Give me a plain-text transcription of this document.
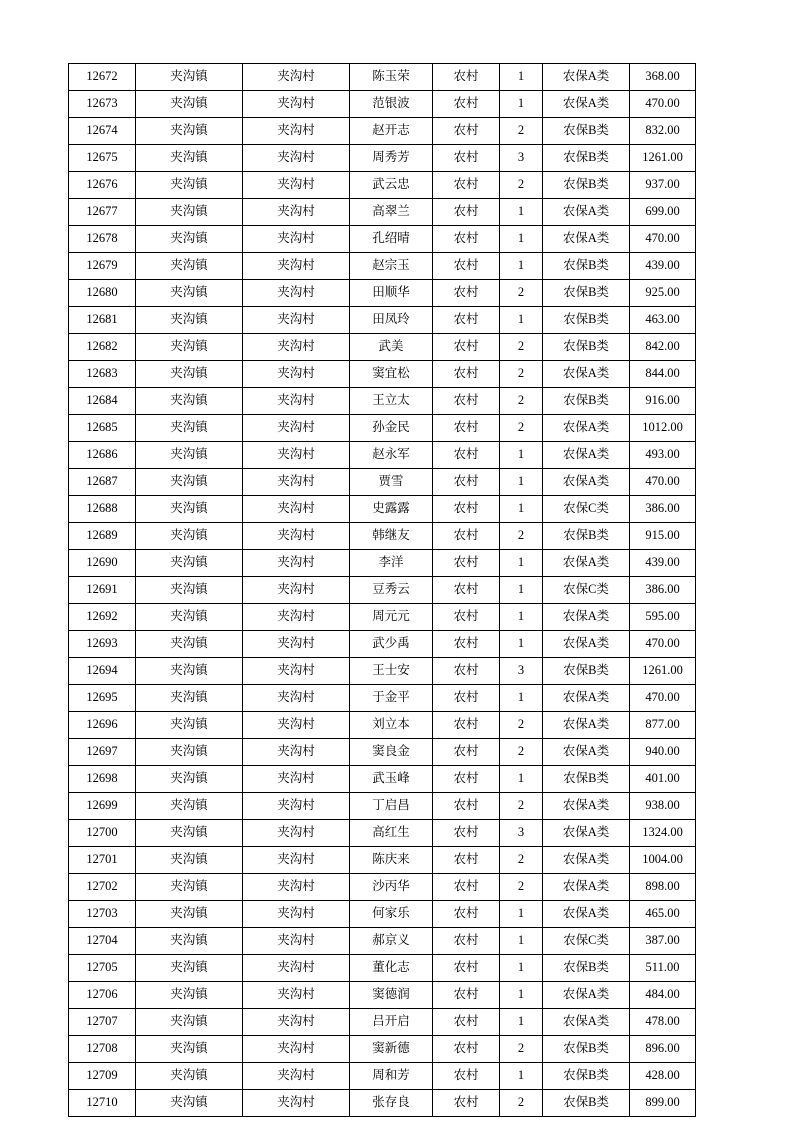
12672	夹沟镇	夹沟村	陈玉荣	农村	1	农保A类	368.00
12673	夹沟镇	夹沟村	范银波	农村	1	农保A类	470.00
12674	夹沟镇	夹沟村	赵开志	农村	2	农保B类	832.00
12675	夹沟镇	夹沟村	周秀芳	农村	3	农保B类	1261.00
12676	夹沟镇	夹沟村	武云忠	农村	2	农保B类	937.00
12677	夹沟镇	夹沟村	高翠兰	农村	1	农保A类	699.00
12678	夹沟镇	夹沟村	孔绍晴	农村	1	农保A类	470.00
12679	夹沟镇	夹沟村	赵宗玉	农村	1	农保B类	439.00
12680	夹沟镇	夹沟村	田顺华	农村	2	农保B类	925.00
12681	夹沟镇	夹沟村	田凤玲	农村	1	农保B类	463.00
12682	夹沟镇	夹沟村	武美	农村	2	农保B类	842.00
12683	夹沟镇	夹沟村	窦宜松	农村	2	农保A类	844.00
12684	夹沟镇	夹沟村	王立太	农村	2	农保B类	916.00
12685	夹沟镇	夹沟村	孙金民	农村	2	农保A类	1012.00
12686	夹沟镇	夹沟村	赵永军	农村	1	农保A类	493.00
12687	夹沟镇	夹沟村	贾雪	农村	1	农保A类	470.00
12688	夹沟镇	夹沟村	史露露	农村	1	农保C类	386.00
12689	夹沟镇	夹沟村	韩继友	农村	2	农保B类	915.00
12690	夹沟镇	夹沟村	李洋	农村	1	农保A类	439.00
12691	夹沟镇	夹沟村	豆秀云	农村	1	农保C类	386.00
12692	夹沟镇	夹沟村	周元元	农村	1	农保A类	595.00
12693	夹沟镇	夹沟村	武少禹	农村	1	农保A类	470.00
12694	夹沟镇	夹沟村	王士安	农村	3	农保B类	1261.00
12695	夹沟镇	夹沟村	于金平	农村	1	农保A类	470.00
12696	夹沟镇	夹沟村	刘立本	农村	2	农保A类	877.00
12697	夹沟镇	夹沟村	窦良金	农村	2	农保A类	940.00
12698	夹沟镇	夹沟村	武玉峰	农村	1	农保B类	401.00
12699	夹沟镇	夹沟村	丁启昌	农村	2	农保A类	938.00
12700	夹沟镇	夹沟村	高红生	农村	3	农保A类	1324.00
12701	夹沟镇	夹沟村	陈庆来	农村	2	农保A类	1004.00
12702	夹沟镇	夹沟村	沙丙华	农村	2	农保A类	898.00
12703	夹沟镇	夹沟村	何家乐	农村	1	农保A类	465.00
12704	夹沟镇	夹沟村	郝京义	农村	1	农保C类	387.00
12705	夹沟镇	夹沟村	董化志	农村	1	农保B类	511.00
12706	夹沟镇	夹沟村	窦德润	农村	1	农保A类	484.00
12707	夹沟镇	夹沟村	吕开启	农村	1	农保A类	478.00
12708	夹沟镇	夹沟村	窦新德	农村	2	农保B类	896.00
12709	夹沟镇	夹沟村	周和芳	农村	1	农保B类	428.00
12710	夹沟镇	夹沟村	张存良	农村	2	农保B类	899.00
